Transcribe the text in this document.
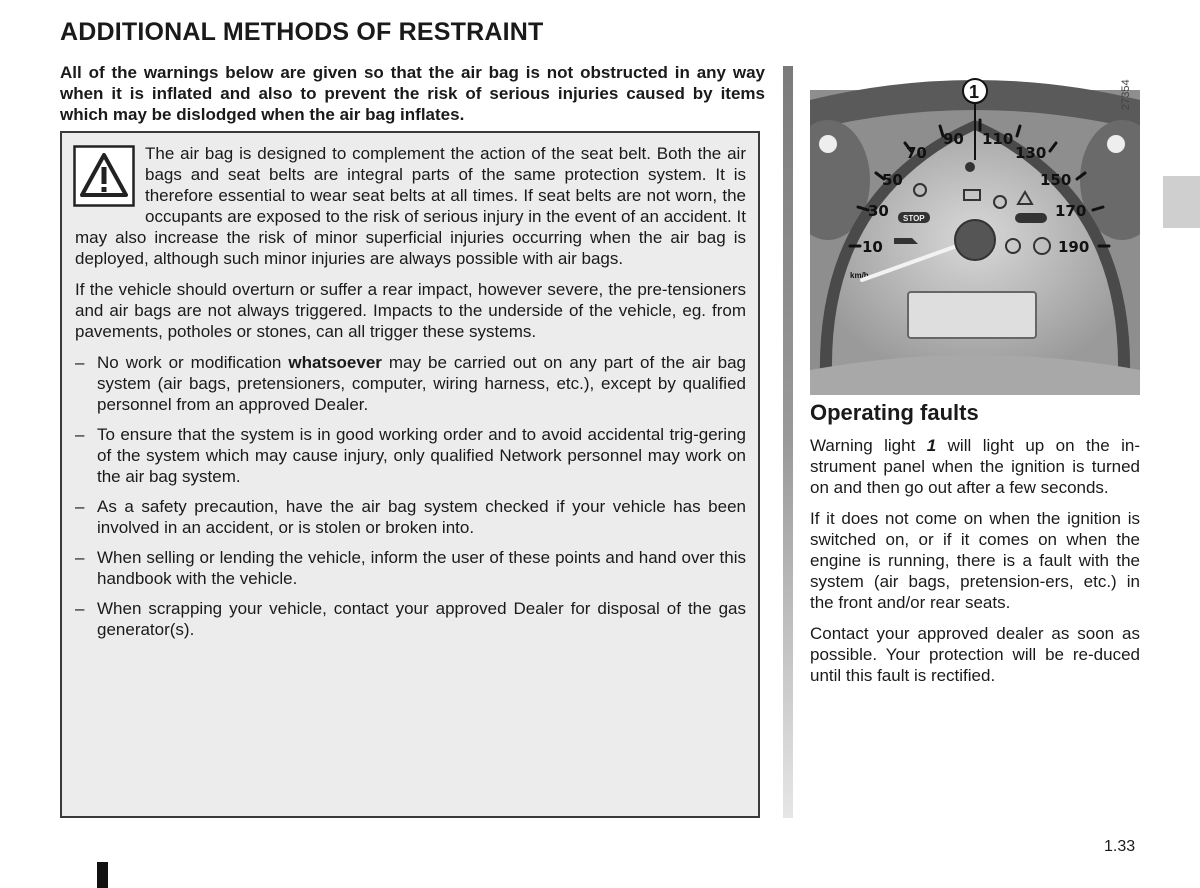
ADDITIONAL METHODS OF RESTRAINT
All of the warnings below are given so that the air bag is not obstructed in any way when it is inflated and also to prevent the risk of serious injuries caused by items which may be dislodged when the air bag inflates.

The air bag is designed to complement the action of the seat belt. Both the air bags and seat belts are integral parts of the same protection system. It is therefore essential to wear seat belts at all times. If seat belts are not worn, the occupants are exposed to the risk of serious injury in the event of an accident. It may also increase the risk of minor superficial injuries occurring when the air bag is deployed, although such minor injuries are always possible with air bags.

If the vehicle should overturn or suffer a rear impact, however severe, the pre-tensioners and air bags are not always triggered. Impacts to the underside of the vehicle, eg. from pavements, potholes or stones, can all trigger these systems.

– No work or modification whatsoever may be carried out on any part of the air bag system (air bags, pretensioners, computer, wiring harness, etc.), except by qualified personnel from an approved Dealer.
– To ensure that the system is in good working order and to avoid accidental trig-gering of the system which may cause injury, only qualified Network personnel may work on the air bag system.
– As a safety precaution, have the air bag system checked if your vehicle has been involved in an accident, or is stolen or broken into.
– When selling or lending the vehicle, inform the user of these points and hand over this handbook with the vehicle.
– When scrapping your vehicle, contact your approved Dealer for disposal of the gas generator(s).
10
30
50
70
90 110
130
150
170
190
km/h
STOP
1	27354
Operating faults

Warning light 1 will light up on the in-strument panel when the ignition is turned on and then go out after a few seconds.

If it does not come on when the ignition is switched on, or if it comes on when the engine is running, there is a fault with the system (air bags, pretension-ers, etc.) in the front and/or rear seats.

Contact your approved dealer as soon as possible. Your protection will be re-duced until this fault is rectified.

1.33
